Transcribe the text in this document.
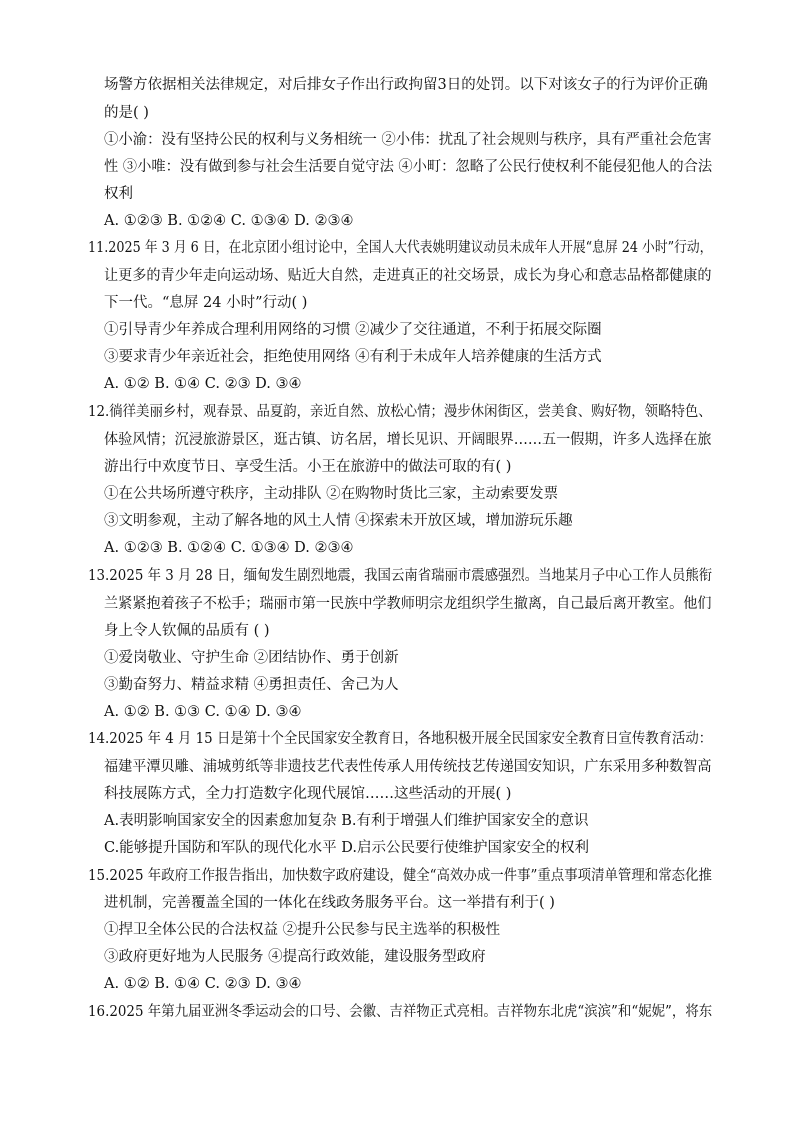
场警方依据相关法律规定，对后排女子作出行政拘留3日的处罚。以下对该女子的行为评价正确
的是( )
①小渝：没有坚持公民的权利与义务相统一 ②小伟：扰乱了社会规则与秩序，具有严重社会危害
性 ③小唯：没有做到参与社会生活要自觉守法 ④小町：忽略了公民行使权利不能侵犯他人的合法
权利
A. ①②③ B. ①②④ C. ①③④ D. ②③④
11.2025 年 3 月 6 日，在北京团小组讨论中，全国人大代表姚明建议动员未成年人开展“息屏 24 小时”行动，
让更多的青少年走向运动场、贴近大自然，走进真正的社交场景，成长为身心和意志品格都健康的
下一代。“息屏 24 小时”行动( )
①引导青少年养成合理利用网络的习惯 ②减少了交往通道，不利于拓展交际圈
③要求青少年亲近社会，拒绝使用网络 ④有利于未成年人培养健康的生活方式
A. ①② B. ①④ C. ②③ D. ③④
12.徜徉美丽乡村，观春景、品夏韵，亲近自然、放松心情；漫步休闲街区，尝美食、购好物，领略特色、
体验风情；沉浸旅游景区，逛古镇、访名居，增长见识、开阔眼界……五一假期，许多人选择在旅
游出行中欢度节日、享受生活。小王在旅游中的做法可取的有( )
①在公共场所遵守秩序，主动排队 ②在购物时货比三家，主动索要发票
③文明参观，主动了解各地的风土人情 ④探索未开放区域，增加游玩乐趣
A. ①②③ B. ①②④ C. ①③④ D. ②③④
13.2025 年 3 月 28 日，缅甸发生剧烈地震，我国云南省瑞丽市震感强烈。当地某月子中心工作人员熊衔
兰紧紧抱着孩子不松手；瑞丽市第一民族中学教师明宗龙组织学生撤离，自己最后离开教室。他们
身上令人钦佩的品质有 ( )
①爱岗敬业、守护生命 ②团结协作、勇于创新
③勤奋努力、精益求精 ④勇担责任、舍己为人
A. ①② B. ①③ C. ①④ D. ③④
14.2025 年 4 月 15 日是第十个全民国家安全教育日，各地积极开展全民国家安全教育日宣传教育活动：
福建平潭贝雕、浦城剪纸等非遗技艺代表性传承人用传统技艺传递国安知识，广东采用多种数智高
科技展陈方式，全力打造数字化现代展馆……这些活动的开展( )
A.表明影响国家安全的因素愈加复杂 B.有利于增强人们维护国家安全的意识
C.能够提升国防和军队的现代化水平 D.启示公民要行使维护国家安全的权利
15.2025 年政府工作报告指出，加快数字政府建设，健全“高效办成一件事”重点事项清单管理和常态化推
进机制，完善覆盖全国的一体化在线政务服务平台。这一举措有利于( )
①捍卫全体公民的合法权益 ②提升公民参与民主选举的积极性
③政府更好地为人民服务 ④提高行政效能，建设服务型政府
A. ①② B. ①④ C. ②③ D. ③④
16.2025 年第九届亚洲冬季运动会的口号、会徽、吉祥物正式亮相。吉祥物东北虎“滨滨”和“妮妮”，将东
